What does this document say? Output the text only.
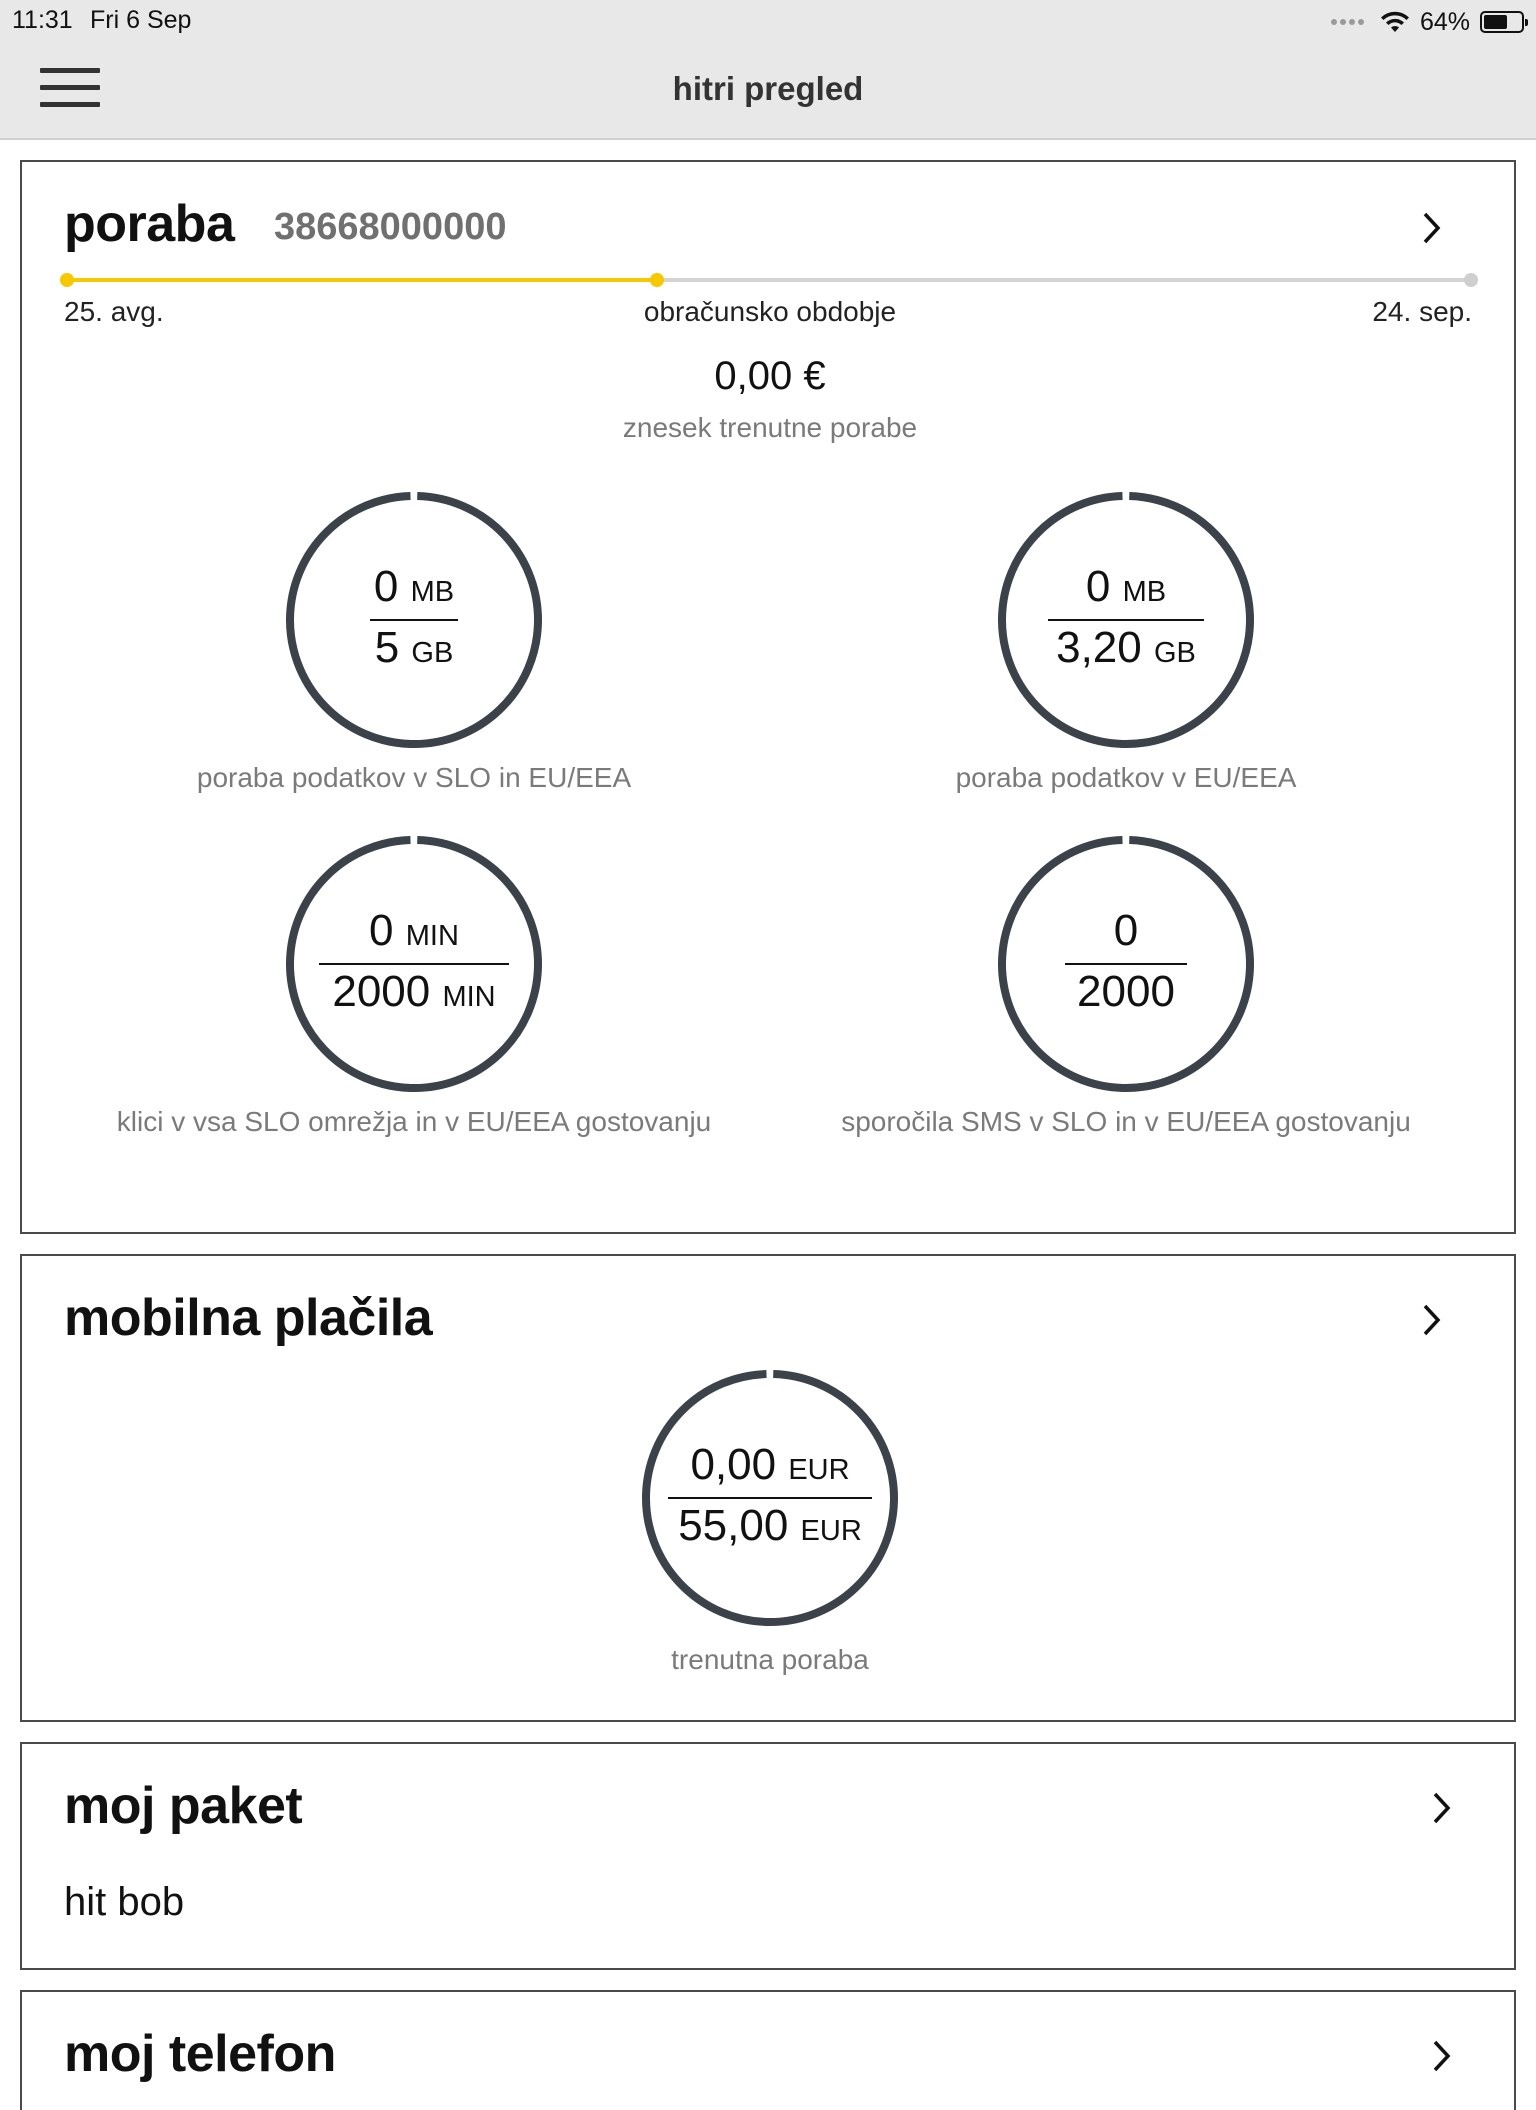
11:31 Fri 6 Sep	64%
hitri pregled
poraba 38668000000
25. avg.	obračunsko obdobje	24. sep.
0,00 €
znesek trenutne porabe
0 MB
5 GB
poraba podatkov v SLO in EU/EEA
0 MB
3,20 GB
poraba podatkov v EU/EEA
0 MIN
2000 MIN
klici v vsa SLO omrežja in v EU/EEA gostovanju
0
2000
sporočila SMS v SLO in v EU/EEA gostovanju
mobilna plačila
0,00 EUR
55,00 EUR
trenutna poraba
moj paket
hit bob
moj telefon
